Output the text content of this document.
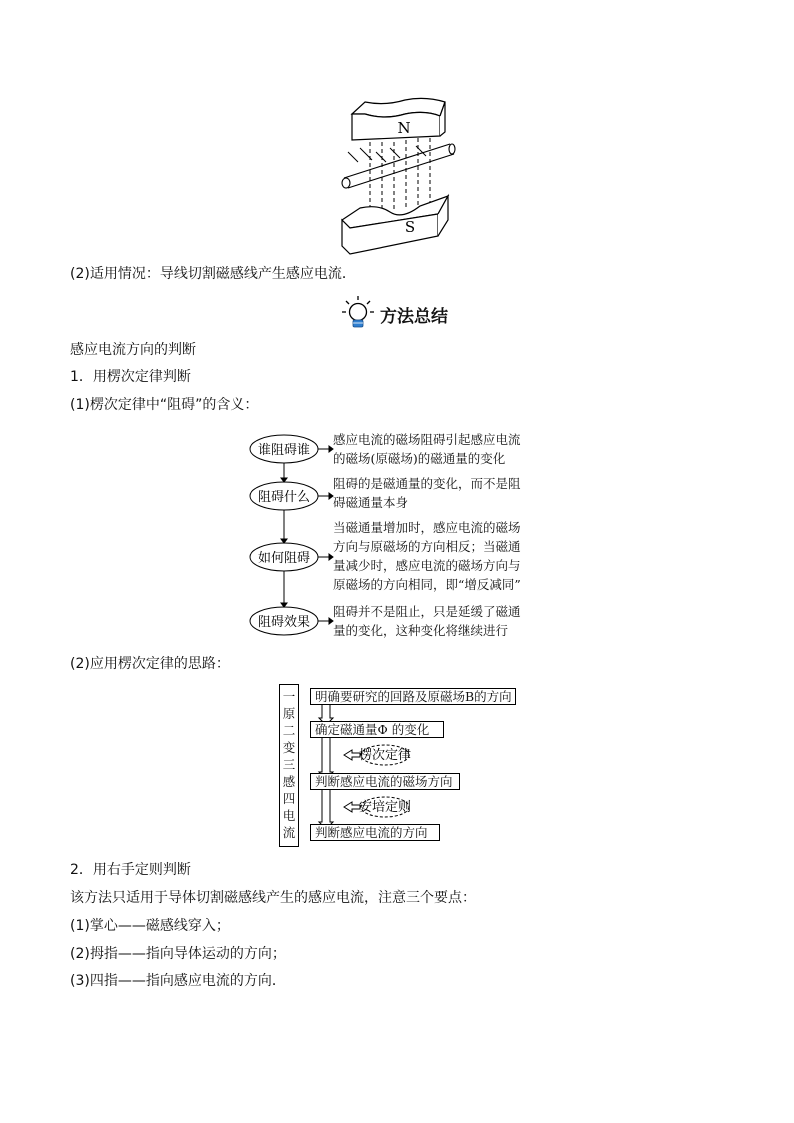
N
S
(2)适用情况：导线切割磁感线产生感应电流．
方法总结
感应电流方向的判断
1．用楞次定律判断
(1)楞次定律中“阻碍”的含义：
谁阻碍谁
阻碍什么
如何阻碍
阻碍效果
感应电流的磁场阻碍引起感应电流
的磁场(原磁场)的磁通量的变化
阻碍的是磁通量的变化，而不是阻
碍磁通量本身
当磁通量增加时，感应电流的磁场
方向与原磁场的方向相反；当磁通
量减少时，感应电流的磁场方向与
原磁场的方向相同，即“增反减同”
阻碍并不是阻止，只是延缓了磁通
量的变化，这种变化将继续进行
(2)应用楞次定律的思路：
一
原
二
变
三
感
四
电
流
楞次定律
安培定则
明确要研究的回路及原磁场B的方向
确定磁通量Φ 的变化
判断感应电流的磁场方向
判断感应电流的方向
2．用右手定则判断
该方法只适用于导体切割磁感线产生的感应电流，注意三个要点：
(1)掌心——磁感线穿入；
(2)拇指——指向导体运动的方向；
(3)四指——指向感应电流的方向．
